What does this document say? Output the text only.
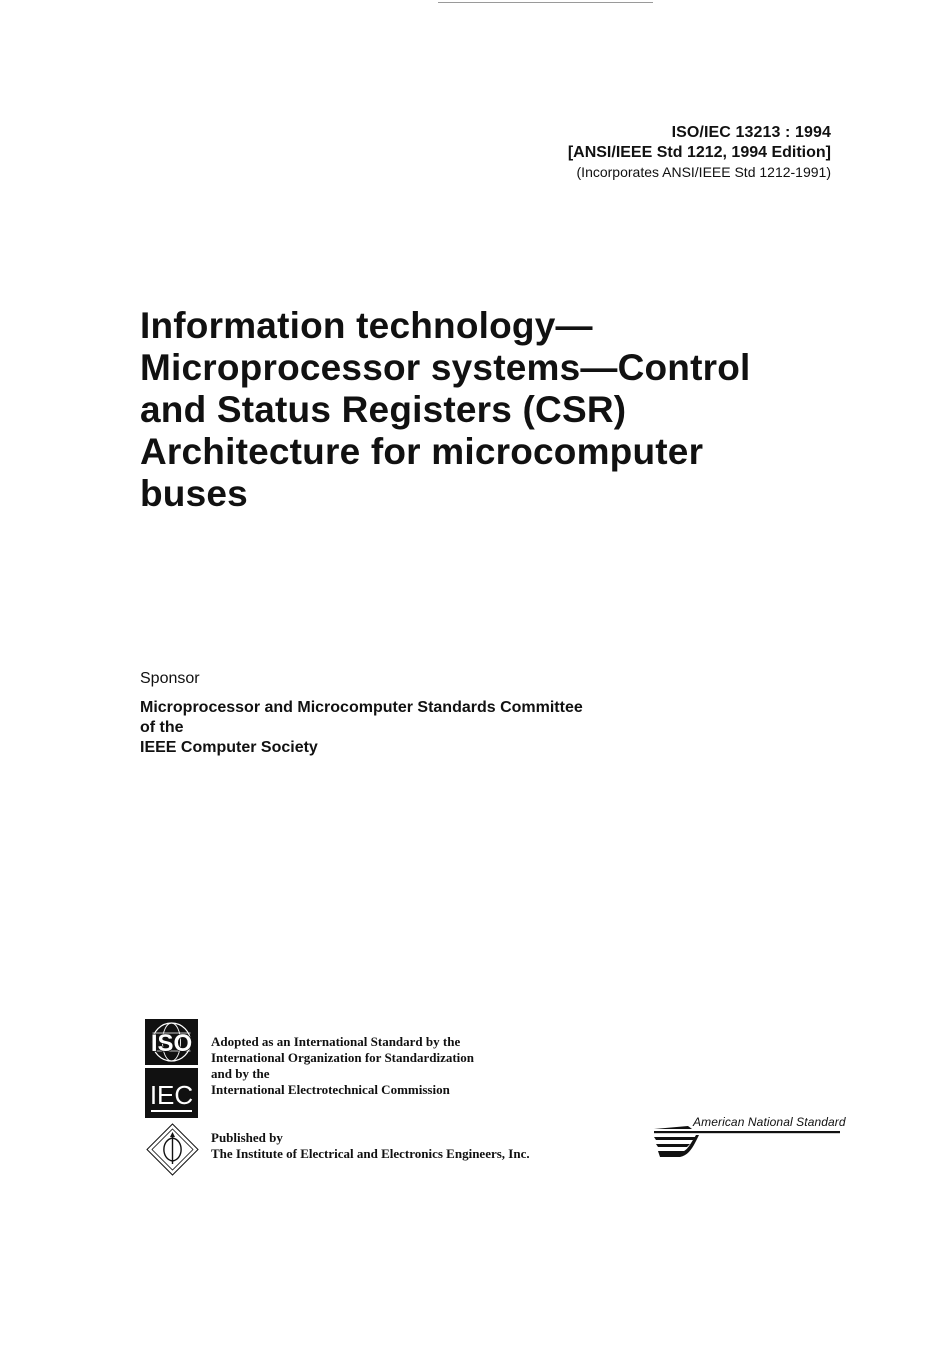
ISO/IEC 13213 : 1994
[ANSI/IEEE Std 1212, 1994 Edition]
(Incorporates ANSI/IEEE Std 1212-1991)
Information technology—
Microprocessor systems—Control
and Status Registers (CSR)
Architecture for microcomputer
buses
Sponsor
Microprocessor and Microcomputer Standards Committee
of the
IEEE Computer Society
ISO
IEC
Adopted as an International Standard by the
International Organization for Standardization
and by the
International Electrotechnical Commission
Published by
The Institute of Electrical and Electronics Engineers, Inc.
American National Standard
